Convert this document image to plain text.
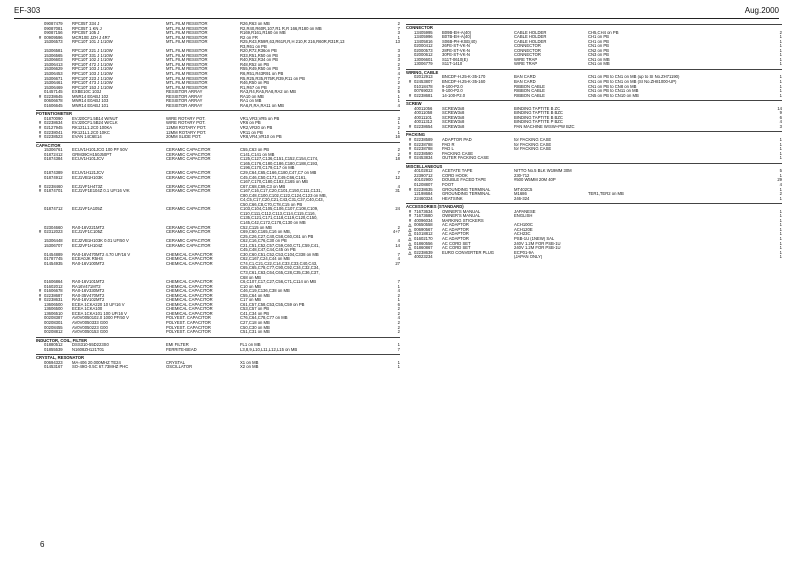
EF-303	Aug.2000
09087479	RPC05T 334 J	MTL.FILM RESISTOR	R26,R63 on MB	2
09087081	RPC05T 1 KN J	MTL.FILM RESISTOR	R2,R40,R60R,107,R1 R,R 166,R180 on MB	7
09087156	RPC05T 105 J	MTL.FILM RESISTOR	R169,R161,R160 on MB	3
# 00909596	MCR10E JZH J 4R7	MTL.FILM RESISTOR	R2 on FR	1
15306573	RPC10T 101 J 1/10W	MTL.FILM RESISTOR	R25,R43,R59R,63,R61R,R,H 210,R 216,R60R,R31R,13	13
R3,R61 on PB
15306581	RPC10T 221 J 1/10W	MTL.FILM RESISTOR	R20,R72,R36on PB	3
15306565	RPC10T 331 J 1/10W	MTL.FILM RESISTOR	R33,R51,R50 on PB	3
15306603	RPC10T 102 J 1/10W	MTL.FILM RESISTOR	R40,R52,R34 on PB	3
15306413	RPC10T 472 J 1/10W	MTL.FILM RESISTOR	R48,R52 on PB	2
15306629	RPC10T 103 J 1/10W	MTL.FILM RESISTOR	R55,R49,R50 on PB	3
15306453	RPC10T 103 J 1/10W	MTL.FILM RESISTOR	R6,R51,R43R91 on PB	4
15306671	RPC10T 223 J 1/10W	MTL.FILM RESISTOR	R5,R25,R35,R75R,R39,R11 on PB	7
15306461	RPC10T 473 J 1/10W	MTL.FILM RESISTOR	R46,R50 on PB	2
15306469	RPC10T 153 J 1/10W	MTL.FILM RESISTOR	R1,R67 on PB	2
01457145	EXBE10C 103J	RESISTOR ARRAY	RA3,R4,RA5,RA8,RA2 on MB	5
# 02238645	MNR14 E0ABJ 102	RESISTOR ARRAY	RA10 on MB	1
00606678	MNR14 E0ABJ 103	RESISTOR ARRAY	RA1 on MB	1
01606645	MNR14 E0ABJ 101	RESISTOR ARRAY	RA6,R,RA,RA11 on MB	4
POTENTIOMETER
01870090	EVJ20CF1.5B14 W/NUT	WIRE ROTARY POT.	VR1,VR3,VR5 on PB	3
# 02238634	EVJ20CF1.5B24 W/CLK	WIRE ROTARY POT.	VR6 on PB	1
# 02127945	RK121L1.2C0 100KA	12MM ROTARY POT.	VR2,VR20 on PB	2
# 02238041	RK121L1.2C0 10KC	12MM ROTARY POT.	VR11 on PB	1
# 02238523	EVAN 14C6E14	20MM SLIDE POT.	VR8,VR4,VR10 on PB	16
CAPACITOR
15306761	ECUV1H101JCG 100 PF 50V	CERAMIC CAPACITOR	C55,C63 on PB	2
01872412	GRM39CH150J50PT	CERAMIC CAPACITOR	C141,C141 on MB	2
01874384	ECUV1H101JCV	CERAMIC CAPACITOR	C125,C127,C136,C151,C152,C154,C174,	18
C165,C176,C180,C186,C180,C188,C193,
C196,C170,C179,C17 on MB
01874389	ECUV1H121JCV	CERAMIC CAPACITOR	C29,C64,C65,C166,C180,C47,C7 on MB	7
01874912	ECJ1VB1H103K	CERAMIC CAPACITOR	C45,C46,C50,C171,C49,C66,C161,	12
C167,C170,C180,C182,C165 on MB
# 02238460	ECJ1VF1H473Z	CERAMIC CAPACITOR	C67,C68,C69,C3 on MB	4
# 01874701	ECJ1VF1E104Z 0.1 UF/16 V/K	CERAMIC CAPACITOR	C167,C16,C17,C20,C101,C150,C111,C131,	31
C80,C48,C100,C102,C122,C124,C123 on MB,
C4,C5,C17,C20,C21,C43,C31,C37,C40,C43,
C50,C66,C8,C70,C78,C15 on PB
01874712	ECJ1VF1A105Z	CERAMIC CAPACITOR	C103,C104,C105,C106,C107,C108,C109,	24
C110,C111,C112,C113,C114,C115,C116,
C135,C121,C171,C118,C119,C120,C150,
C145,C42,C172,C178,C130 on MB
02304660	RA0-16V221MT2	CERAMIC CAPACITOR	C52,C115 on MB	2
# 02312023	ECJ1VF1C105Z	CERAMIC CAPACITOR	C69,C60,C165,C16 on MB,	4+7
C25,C26,C27,C40,C58,C60,C61 on PB
15306448	ECJ2VB1H103K 0.01 UF/50 V	CERAMIC CAPACITOR	C62,C16,C76,C30 on PB	4
15306707	ECJ2VF1H104Z	CERAMIC CAPACITOR	C21,C51,C52,C57,C59,C60,C71,C59,C41,	14
C45,C48,C47,C44,C45 on PB
01454889	RA0-16V470MT2 4.70 UF/16 V	CHEMICAL CAPACITOR	C30,C60,C51,C52,C53,C104,C338 on MB	7
01787745	ECEA0JK R5HS	CHEMICAL CAPACITOR	C62,C167,C24,C44 on MB	4
01454935	RA0-16V100MT2	CHEMICAL CAPACITOR	C74,C1,C21,C22,C14,C33,C33,C40,C43,	27
C65,C65,C78,C77,C90,C92,C34,C32,C34,
C73,C61,C63,C64,C65,C28,C35,C36,C37,
C68 on MB
01606864	RA0-16V101MT2	CHEMICAL CAPACITOR	C6,C107,C17,C27,C56,C71,C114 on MB	7
01602012	RA16V471MT2	CHEMICAL CAPACITOR	C10 on MB	1
# 01606678	RA0-16V330MT2	CHEMICAL CAPACITOR	C46,C19,C136,C38 on MB	4
# 02238687	RA0-35V470MT2	CHEMICAL CAPACITOR	C55,C64 on MB	2
# 02238631	RA0-16V102MT2	CHEMICAL CAPACITOR	C17 on MB	1
13606500	ECEA 1CKA220 10 UF/16 V	CHEMICAL CAPACITOR	C61,C57,C58,C53,C55,C59 on PB	6
13606500	ECEA 1CKA100	CHEMICAL CAPACITOR	C53,C57 on PB	2
13606510	ECEA 1CKA101 100 UF/16 V	CHEMICAL CAPACITOR	C41,C34 on PB	2
00208387	AV0V0050102.0 1000 PF/50 V	POLYEST. CAPACITOR	C76,C64,C78,C77 on MB	4
00208301	AV0V0050333 G00	POLYEST. CAPACITOR	C27,C18 on MB	2
00208455	AV0V0050223 G00	POLYEST. CAPACITOR	C50,C30 on MB	2
00208812	AV0V0050153 G00	POLYEST. CAPACITOR	C51,C31 on MB	2
INDUCTOR, COIL, FILTER
01880512	DSS310-55D223S0	EMI FILTER	FL1 on MB	1
01855539	N1608ZH121T01	FERRITE-BEAD	L3,8,9,L10,L11,L12,L15 on MB	7
CRYSTAL, RESONATOR
00694323	MA-406 20.000MHZ TE24	CRYSTAL	X1 on MB	1
01453167	SO-49G-0.5C 67.73MHZ PHC	OSCILLATOR	X2 on MB	1
CONNECTOR
13405995	B09B-EH-A(40)	CABLE HOLDER	CH5,CH4 on PB	2
13405996	B07B-EH-A(40)	CABLE HOLDER	CH1 on PB	1
13405816	S06B-PH-KSE(40)	CABLE HOLDER	CH1 on PB	1
02000412	26FE-ST-VK-N	CONNECTOR	CN1 on PB	1
02000573	28FE-ST-VK-N	CONNECTOR	CN2 on PB	1
02000612	30FE-ST-VK-N	CONNECTOR	CN3 on PB	1
13006601	S11T-0610(E)	WIRE TRAP	CN1 on MB	1
13006779	S11T-1410	WIRE TRAP	CN1 on MB	1
WIRING, CABLE
02012913	BNCDF-H.25-K-35-170	BAN CARD	CN1 on PB to CN1 on MB (up to SI No.ZH71190)	1
# 02453807	BNCDF-H.25-K-35-160	BAN CARD	CN1 on PB to CN1 on MB (SI No.ZH81000-UP)	1
01018478	9-100-P2.0	RIBBON CABLE	CN1 on PB to CN8 on MB	1
00769023	9-100-P2.0	RIBBON CABLE	CN1 on PB to CN11 on MB	1
# 02238681	14-100-P2.0	RIBBON CABLE	CN5 on PB to CN10 on MB	1
SCREW
40011056	SCREW3x8	BINDING TAPTITE B ZC	14
40011058	SCREW3x8	BINDING TAPTITE B BZC	9
40011101	SCREW3x8	BINDING TAPTITE B BZC	6
40011312	SCREW3x8	BINDING TAPTITE P BZC	4
# 02238654	SCREW3x8	PAN MACHINE W/SW+PW BZC	3
PACKING
# 02238589	ADAPTOR PAD	for PACKING CASE	1
# 02238788	PAD R	for PACKING CASE	1
# 02238788	PAD L	for PACKING CASE	1
# 02238590	PACKING CASE	1
# 02453834	OUTER PACKING CASE	1
MISCELLANEOUS
40102812	ACETATE TAPE	NITTO No.5 BLK W19MM 30M	5
22390712	CORD HOOK	230-712	1
40102900	DOUBLE FACED TAPE	#500 W5MM 20M 40P	29
01208807	FOOT	4
# 02238635	GROUNDING TERMINAL	MT402C5	1
12198684	GROUNDING TERMINAL	M1686	TER1,TER2 on MB	2
22460324	HEATSINK	246-324	1
ACCESSORIES (STANDARD)
# 71673634	OWNER'S MANUAL	JAPANESE	1
# 71673680	OWNER'S MANUAL	ENGLISH	1
# 40096034	MARKING STICKERS	1
△ 00650558	AC ADAPTOR	ACH100C	1
△ 00690567	AC ADAPTOR	ACH120E	1
△ 01018812	AC ADAPTOR	ACH23C	1
△ 01602170	AC ADAPTOR	PSB-1U (1NEW) SAL	1
△ 01860556	AC CORD SET	240V 1.2M FOR PSB-1U	1
△ 01860867	AC CORD SET	240V 1.2M FOR PSB-1U	1
△ 02238639	EURO CONVERTER PLUG	ECP01-9A	1
40023234	(JAPAN ONLY)	1
6
